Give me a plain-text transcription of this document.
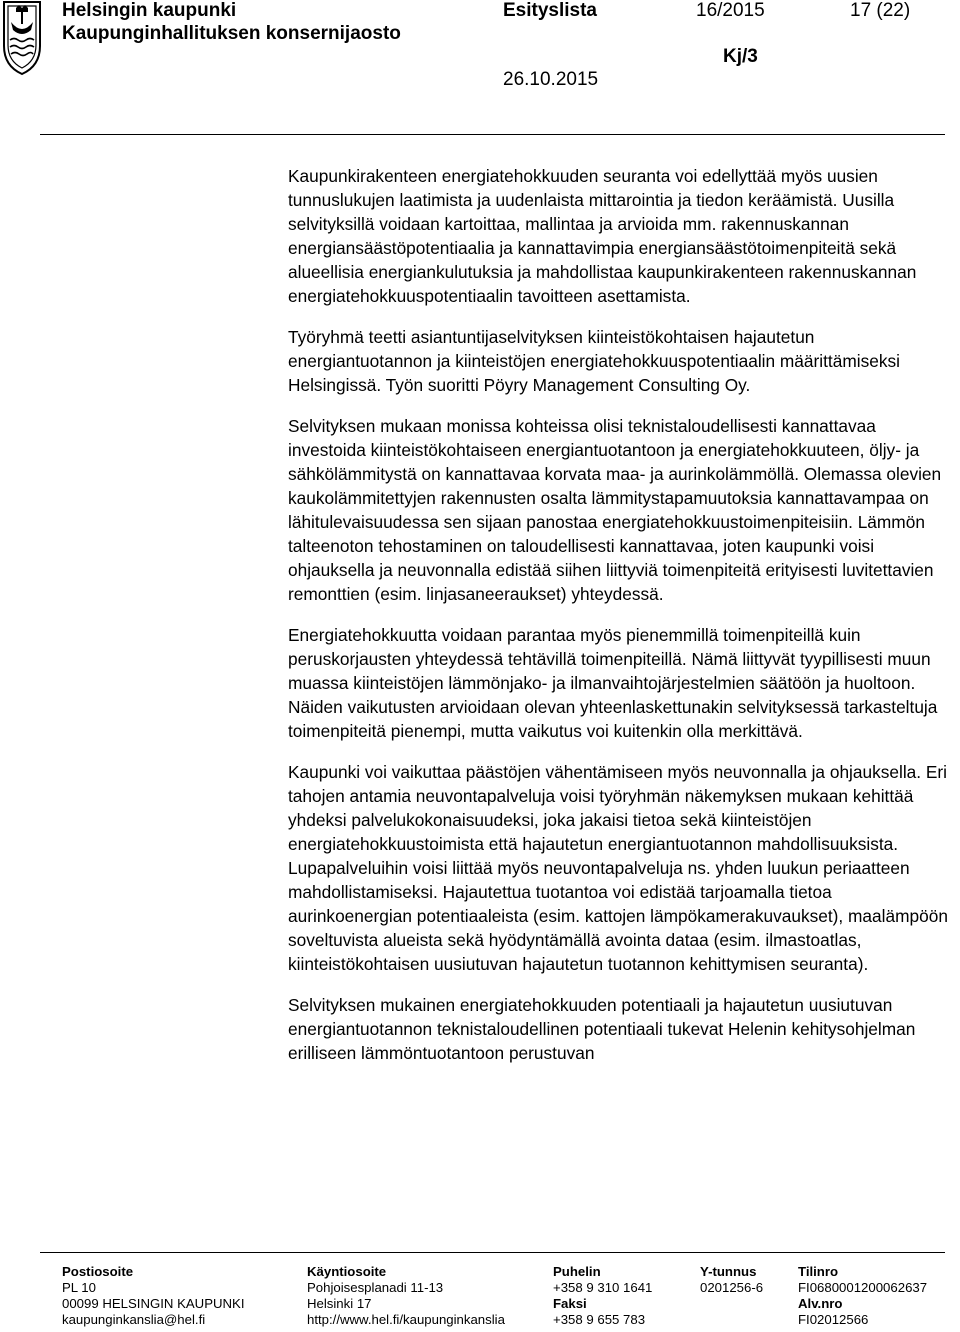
Helsingin kaupunki
Kaupunginhallituksen konsernijaosto
Esityslista	16/2015	17 (22)
Kj/3
26.10.2015

Kaupunkirakenteen energiatehokkuuden seuranta voi edellyttää myös uusien tunnuslukujen laatimista ja uudenlaista mittarointia ja tiedon keräämistä. Uusilla selvityksillä voidaan kartoittaa, mallintaa ja arvioida mm. rakennuskannan energiansäästöpotentiaalia ja kannattavimpia energiansäästötoimenpiteitä sekä alueellisia energiankulutuksia ja mahdollistaa kaupunkirakenteen rakennuskannan energiatehokkuuspotentiaalin tavoitteen asettamista.

Työryhmä teetti asiantuntijaselvityksen kiinteistökohtaisen hajautetun energiantuotannon ja kiinteistöjen energiatehokkuuspotentiaalin määrittämiseksi Helsingissä. Työn suoritti Pöyry Management Consulting Oy.

Selvityksen mukaan monissa kohteissa olisi teknistaloudellisesti kannattavaa investoida kiinteistökohtaiseen energiantuotantoon ja energiatehokkuuteen, öljy- ja sähkölämmitystä on kannattavaa korvata maa- ja aurinkolämmöllä. Olemassa olevien kaukolämmitettyjen rakennusten osalta lämmitystapamuutoksia kannattavampaa on lähitulevaisuudessa sen sijaan panostaa energiatehokkuustoimenpiteisiin. Lämmön talteenoton tehostaminen on taloudellisesti kannattavaa, joten kaupunki voisi ohjauksella ja neuvonnalla edistää siihen liittyviä toimenpiteitä erityisesti luvitettavien remonttien (esim. linjasaneeraukset) yhteydessä.

Energiatehokkuutta voidaan parantaa myös pienemmillä toimenpiteillä kuin peruskorjausten yhteydessä tehtävillä toimenpiteillä. Nämä liittyvät tyypillisesti muun muassa kiinteistöjen lämmönjako- ja ilmanvaihtojärjestelmien säätöön ja huoltoon. Näiden vaikutusten arvioidaan olevan yhteenlaskettunakin selvityksessä tarkasteltuja toimenpiteitä pienempi, mutta vaikutus voi kuitenkin olla merkittävä.

Kaupunki voi vaikuttaa päästöjen vähentämiseen myös neuvonnalla ja ohjauksella. Eri tahojen antamia neuvontapalveluja voisi työryhmän näkemyksen mukaan kehittää yhdeksi palvelukokonaisuudeksi, joka jakaisi tietoa sekä kiinteistöjen energiatehokkuustoimista että hajautetun energiantuotannon mahdollisuuksista. Lupapalveluihin voisi liittää myös neuvontapalveluja ns. yhden luukun periaatteen mahdollistamiseksi. Hajautettua tuotantoa voi edistää tarjoamalla tietoa aurinkoenergian potentiaaleista (esim. kattojen lämpökamerakuvaukset), maalämpöön soveltuvista alueista sekä hyödyntämällä avointa dataa (esim. ilmastoatlas, kiinteistökohtaisen uusiutuvan hajautetun tuotannon kehittymisen seuranta).

Selvityksen mukainen energiatehokkuuden potentiaali ja hajautetun uusiutuvan energiantuotannon teknistaloudellinen potentiaali tukevat Helenin kehitysohjelman erilliseen lämmöntuotantoon perustuvan

Postiosoite
PL 10
00099 HELSINGIN KAUPUNKI
kaupunginkanslia@hel.fi
Käyntiosoite
Pohjoisesplanadi 11-13
Helsinki 17
http://www.hel.fi/kaupunginkanslia
Puhelin
+358 9 310 1641
Faksi
+358 9 655 783
Y-tunnus
0201256-6
Tilinro
FI0680001200062637
Alv.nro
FI02012566
